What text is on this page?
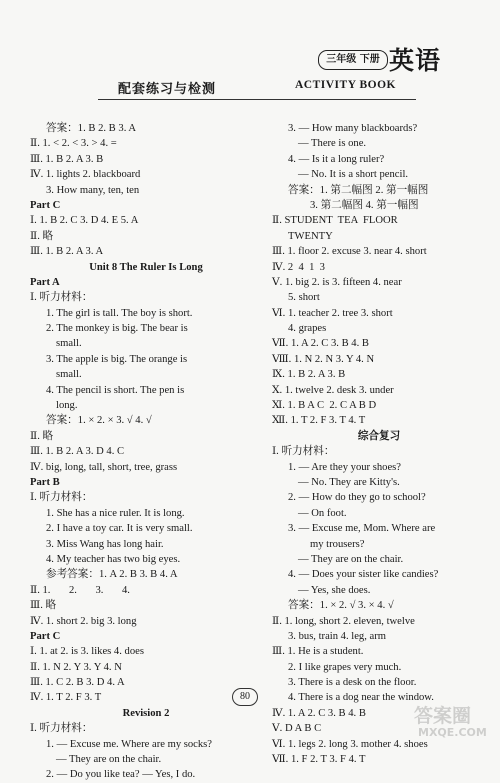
三年级 下册 英语
配套练习与检测	ACTIVITY BOOK
答案：1. B 2. B 3. A
Ⅱ. 1. < 2. < 3. > 4. =
Ⅲ. 1. B 2. A 3. B
Ⅳ. 1. lights 2. blackboard
3. How many, ten, ten
Part C
Ⅰ. 1. B 2. C 3. D 4. E 5. A
Ⅱ. 略
Ⅲ. 1. B 2. A 3. A
Unit 8 The Ruler Is Long
Part A
Ⅰ. 听力材料：
1. The girl is tall. The boy is short.
2. The monkey is big. The bear is
small.
3. The apple is big. The orange is
small.
4. The pencil is short. The pen is
long.
答案：1. × 2. × 3. √ 4. √
Ⅱ. 略
Ⅲ. 1. B 2. A 3. D 4. C
Ⅳ. big, long, tall, short, tree, grass
Part B
Ⅰ. 听力材料：
1. She has a nice ruler. It is long.
2. I have a toy car. It is very small.
3. Miss Wang has long hair.
4. My teacher has two big eyes.
参考答案：1. A 2. B 3. B 4. A
Ⅱ. 1.       2.       3.       4.
Ⅲ. 略
Ⅳ. 1. short 2. big 3. long
Part C
Ⅰ. 1. at 2. is 3. likes 4. does
Ⅱ. 1. N 2. Y 3. Y 4. N
Ⅲ. 1. C 2. B 3. D 4. A
Ⅳ. 1. T 2. F 3. T
Revision 2
Ⅰ. 听力材料：
1. — Excuse me. Where are my socks?
— They are on the chair.
2. — Do you like tea? — Yes, I do.
3. — How many blackboards?
— There is one.
4. — Is it a long ruler?
— No. It is a short pencil.
答案：1. 第二幅图 2. 第一幅图
3. 第二幅图 4. 第一幅图
Ⅱ. STUDENT  TEA  FLOOR
TWENTY
Ⅲ. 1. floor 2. excuse 3. near 4. short
Ⅳ. 2  4  1  3
Ⅴ. 1. big 2. is 3. fifteen 4. near
5. short
Ⅵ. 1. teacher 2. tree 3. short
4. grapes
Ⅶ. 1. A 2. C 3. B 4. B
Ⅷ. 1. N 2. N 3. Y 4. N
Ⅸ. 1. B 2. A 3. B
Ⅹ. 1. twelve 2. desk 3. under
Ⅺ. 1. B A C  2. C A B D
Ⅻ. 1. T 2. F 3. T 4. T
综合复习
Ⅰ. 听力材料：
1. — Are they your shoes?
— No. They are Kitty's.
2. — How do they go to school?
— On foot.
3. — Excuse me, Mom. Where are
my trousers?
— They are on the chair.
4. — Does your sister like candies?
— Yes, she does.
答案：1. × 2. √ 3. × 4. √
Ⅱ. 1. long, short 2. eleven, twelve
3. bus, train 4. leg, arm
Ⅲ. 1. He is a student.
2. I like grapes very much.
3. There is a desk on the floor.
4. There is a dog near the window.
Ⅳ. 1. A 2. C 3. B 4. B
Ⅴ. D A B C
Ⅵ. 1. legs 2. long 3. mother 4. shoes
Ⅶ. 1. F 2. T 3. F 4. T
80
答案圈
MXQE.COM
